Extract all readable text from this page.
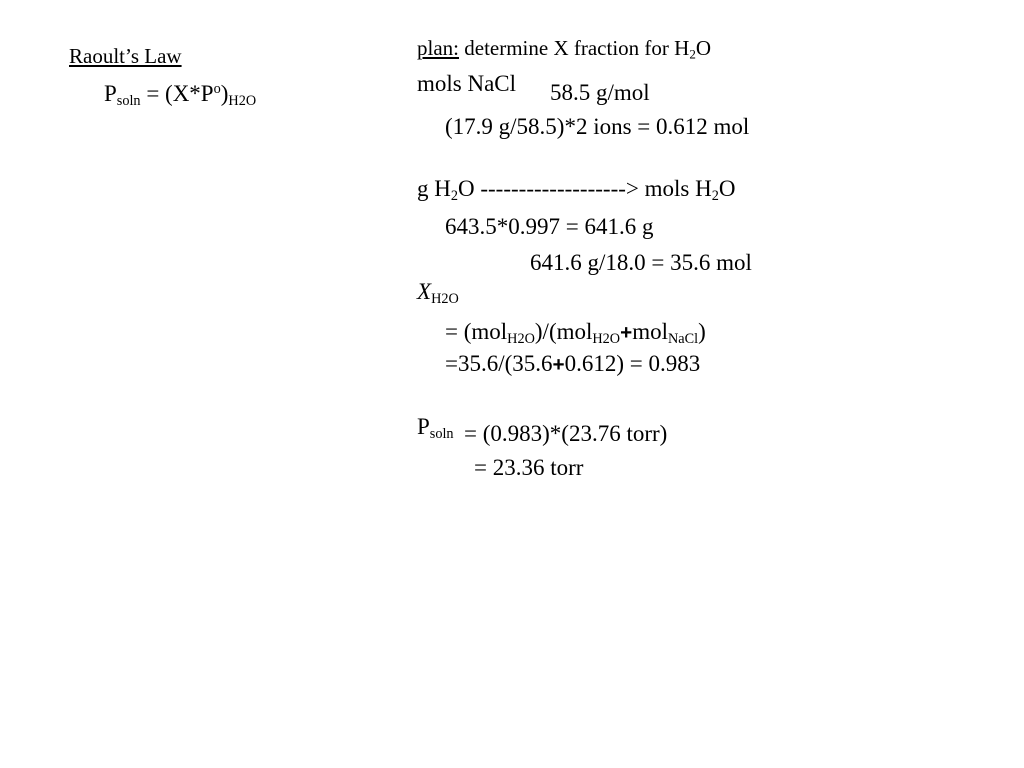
Raoult’s Law
$P_{soln} = (X*P^o)_{H2O}$
plan: determine X fraction for $H_2O$
mols NaCl 58.5 g/mol
(17.9 g/58.5)*2 ions = 0.612 mol
g $H_2O$ -------------------> mols $H_2O$
643.5*0.997 = 641.6 g
641.6 g/18.0 = 35.6 mol
$X_{H2O}$
= (mol$_{H2O}$)/(mol$_{H2O}$+mol$_{NaCl}$)
=35.6/(35.6+0.612) = 0.983
$P_{soln} = (0.983)*(23.76$ torr)
= 23.36 torr
